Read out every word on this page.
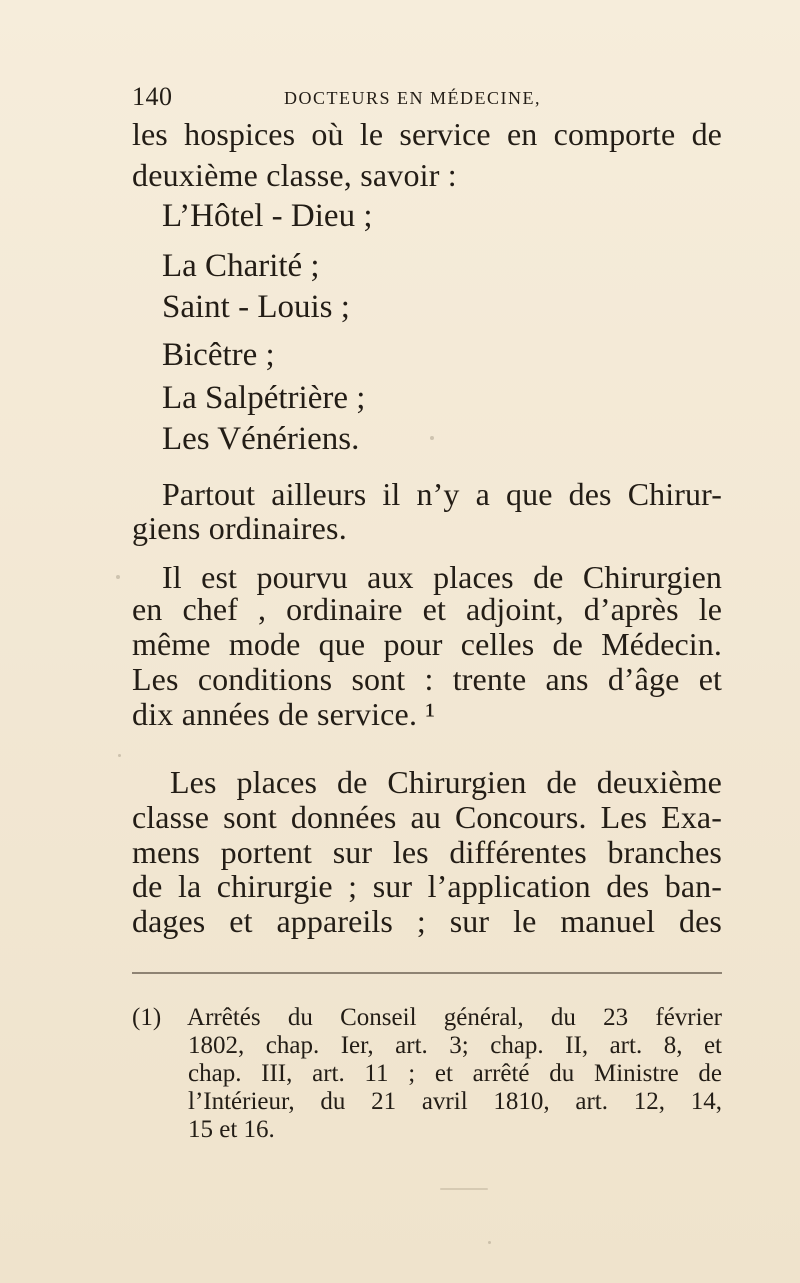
140	DOCTEURS EN MÉDECINE,
les hospices où le service en comporte de
deuxième classe, savoir :
L’Hôtel - Dieu ;
La Charité ;
Saint - Louis ;
Bicêtre ;
La Salpétrière ;
Les Vénériens.
Partout ailleurs il n’y a que des Chirur-
giens ordinaires.
Il est pourvu aux places de Chirurgien
en chef , ordinaire et adjoint, d’après le
même mode que pour celles de Médecin.
Les conditions sont : trente ans d’âge et
dix années de service. ¹
Les places de Chirurgien de deuxième
classe sont données au Concours. Les Exa-
mens portent sur les différentes branches
de la chirurgie ; sur l’application des ban-
dages et appareils ; sur le manuel des
(1) Arrêtés du Conseil général, du 23 février
1802, chap. Ier, art. 3; chap. II, art. 8, et
chap. III, art. 11 ; et arrêté du Ministre de
l’Intérieur, du 21 avril 1810, art. 12, 14,
15 et 16.
